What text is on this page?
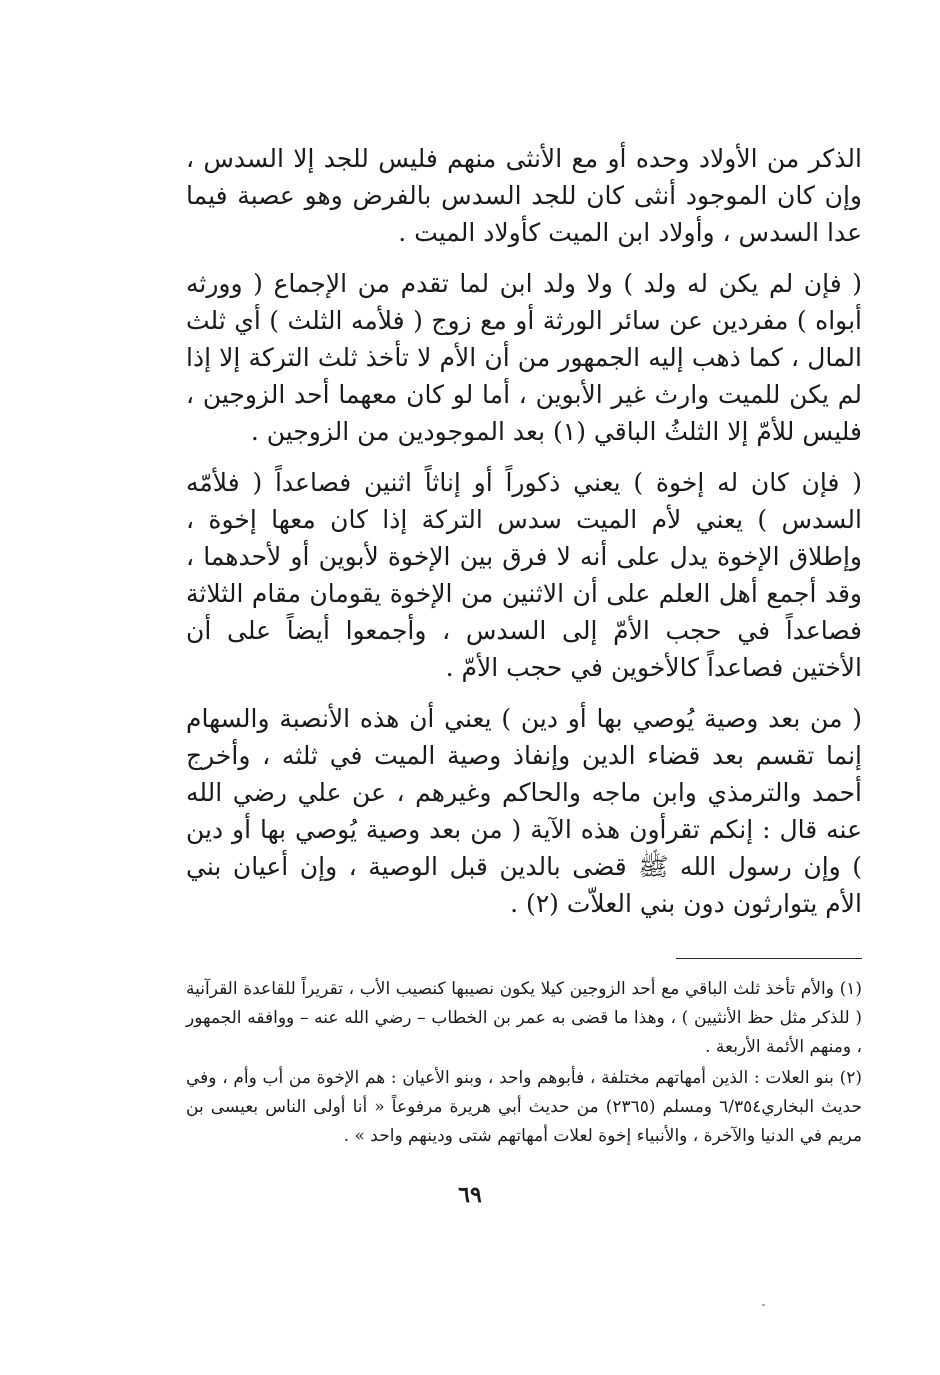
الذكر من الأولاد وحده أو مع الأنثى منهم فليس للجد إلا السدس ، وإن كان الموجود أنثى كان للجد السدس بالفرض وهو عصبة فيما عدا السدس ، وأولاد ابن الميت كأولاد الميت .

( فإن لم يكن له ولد ) ولا ولد ابن لما تقدم من الإجماع ( وورثه أبواه ) مفردين عن سائر الورثة أو مع زوج ( فلأمه الثلث ) أي ثلث المال ، كما ذهب إليه الجمهور من أن الأم لا تأخذ ثلث التركة إلا إذا لم يكن للميت وارث غير الأبوين ، أما لو كان معهما أحد الزوجين ، فليس للأمّ إلا الثلثُ الباقي (١) بعد الموجودين من الزوجين .

( فإن كان له إخوة ) يعني ذكوراً أو إناثاً اثنين فصاعداً ( فلأمّه السدس ) يعني لأم الميت سدس التركة إذا كان معها إخوة ، وإطلاق الإخوة يدل على أنه لا فرق بين الإخوة لأبوين أو لأحدهما ، وقد أجمع أهل العلم على أن الاثنين من الإخوة يقومان مقام الثلاثة فصاعداً في حجب الأمّ إلى السدس ، وأجمعوا أيضاً على أن الأختين فصاعداً كالأخوين في حجب الأمّ .

( من بعد وصية يُوصي بها أو دين ) يعني أن هذه الأنصبة والسهام إنما تقسم بعد قضاء الدين وإنفاذ وصية الميت في ثلثه ، وأخرج أحمد والترمذي وابن ماجه والحاكم وغيرهم ، عن علي رضي الله عنه قال : إنكم تقرأون هذه الآية ( من بعد وصية يُوصي بها أو دين ) وإن رسول الله ﷺ قضى بالدين قبل الوصية ، وإن أعيان بني الأم يتوارثون دون بني العلاّت (٢) .

(١) والأم تأخذ ثلث الباقي مع أحد الزوجين كيلا يكون نصيبها كنصيب الأب ، تقريراً للقاعدة القرآنية ( للذكر مثل حظ الأنثيين ) ، وهذا ما قضى به عمر بن الخطاب – رضي الله عنه – ووافقه الجمهور ، ومنهم الأئمة الأربعة .

(٢) بنو العلات : الذين أمهاتهم مختلفة ، فأبوهم واحد ، وبنو الأعيان : هم الإخوة من أب وأم ، وفي حديث البخاري٦/٣٥٤ ومسلم (٢٣٦٥) من حديث أبي هريرة مرفوعاً « أنا أولى الناس بعيسى بن مريم في الدنيا والآخرة ، والأنبياء إخوة لعلات أمهاتهم شتى ودينهم واحد » .

٦٩
